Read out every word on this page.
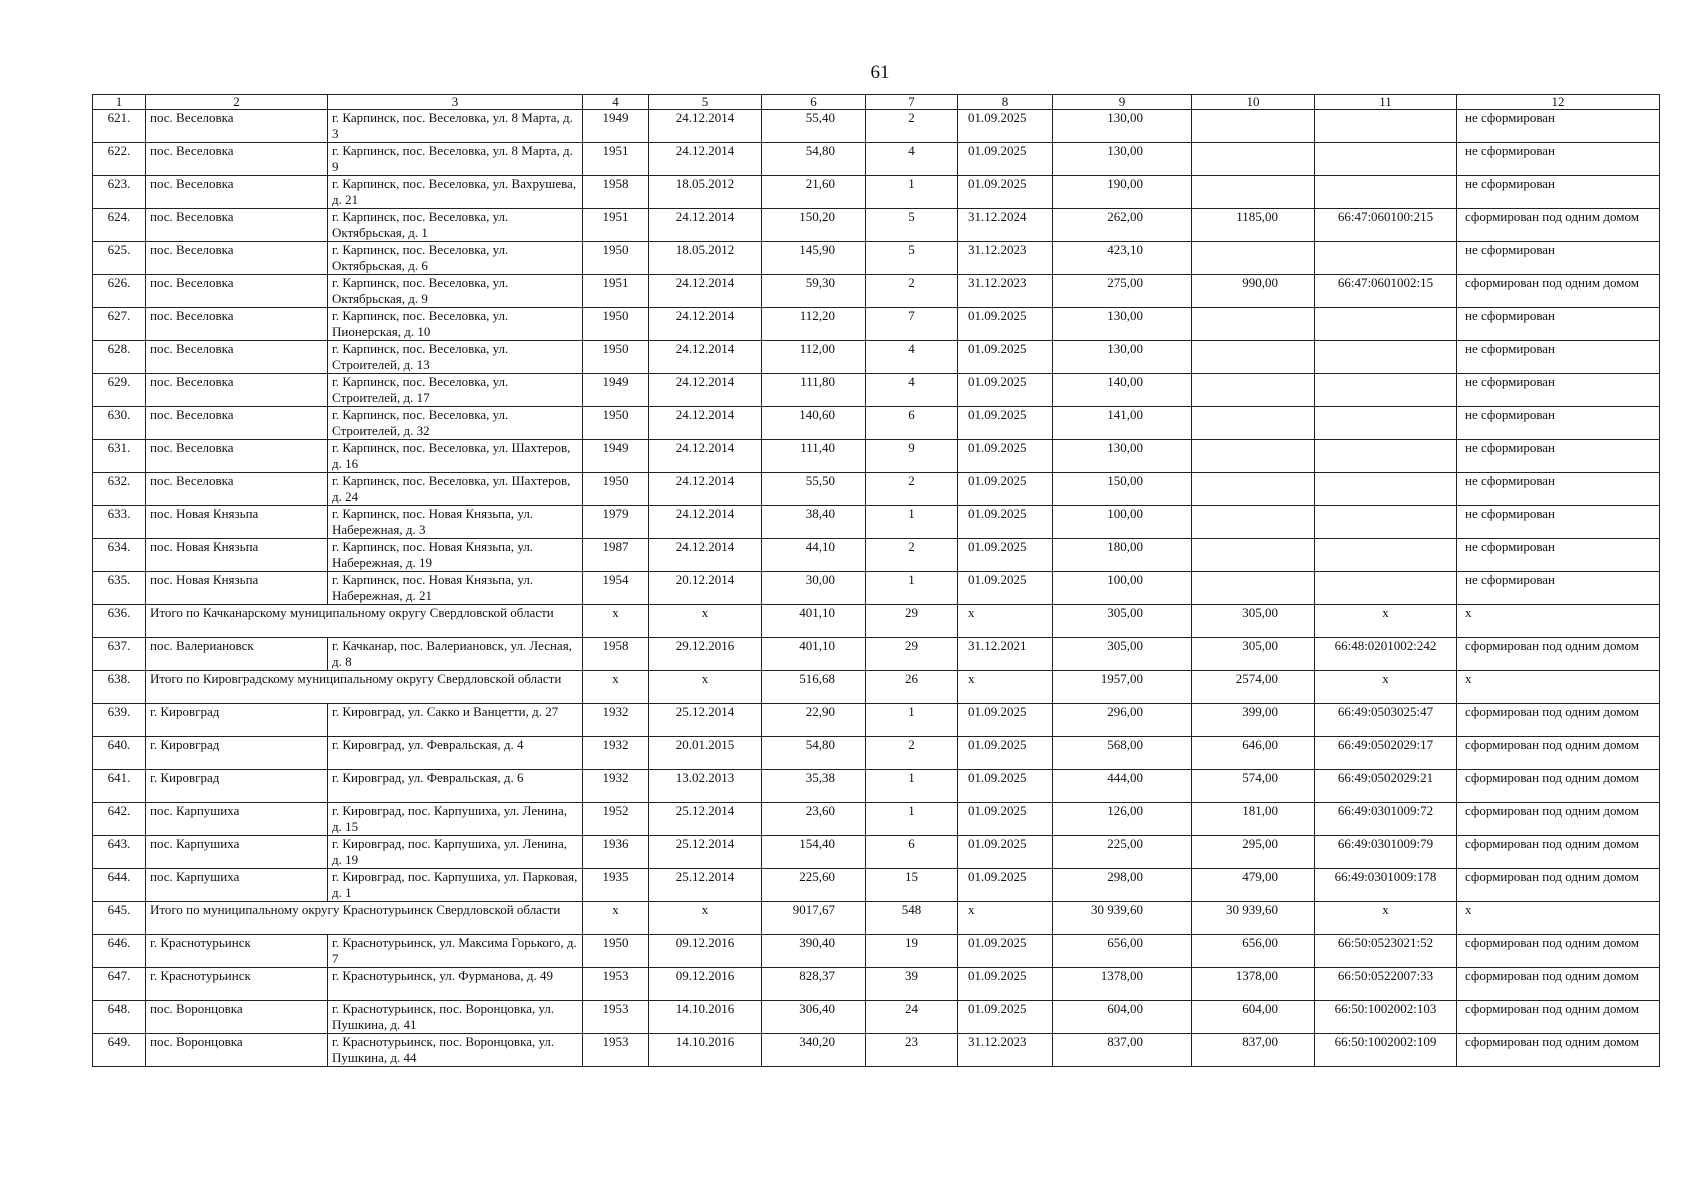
61
1	2	3	4	5	6	7	8	9	10	11	12
621.	пос. Веселовка	г. Карпинск, пос. Веселовка, ул. 8 Марта, д. 3	1949	24.12.2014	55,40	2	01.09.2025	130,00			не сформирован
622.	пос. Веселовка	г. Карпинск, пос. Веселовка, ул. 8 Марта, д. 9	1951	24.12.2014	54,80	4	01.09.2025	130,00			не сформирован
623.	пос. Веселовка	г. Карпинск, пос. Веселовка, ул. Вахрушева, д. 21	1958	18.05.2012	21,60	1	01.09.2025	190,00			не сформирован
624.	пос. Веселовка	г. Карпинск, пос. Веселовка, ул. Октябрьская, д. 1	1951	24.12.2014	150,20	5	31.12.2024	262,00	1185,00	66:47:060100:215	сформирован под одним домом
625.	пос. Веселовка	г. Карпинск, пос. Веселовка, ул. Октябрьская, д. 6	1950	18.05.2012	145,90	5	31.12.2023	423,10			не сформирован
626.	пос. Веселовка	г. Карпинск, пос. Веселовка, ул. Октябрьская, д. 9	1951	24.12.2014	59,30	2	31.12.2023	275,00	990,00	66:47:0601002:15	сформирован под одним домом
627.	пос. Веселовка	г. Карпинск, пос. Веселовка, ул. Пионерская, д. 10	1950	24.12.2014	112,20	7	01.09.2025	130,00			не сформирован
628.	пос. Веселовка	г. Карпинск, пос. Веселовка, ул. Строителей, д. 13	1950	24.12.2014	112,00	4	01.09.2025	130,00			не сформирован
629.	пос. Веселовка	г. Карпинск, пос. Веселовка, ул. Строителей, д. 17	1949	24.12.2014	111,80	4	01.09.2025	140,00			не сформирован
630.	пос. Веселовка	г. Карпинск, пос. Веселовка, ул. Строителей, д. 32	1950	24.12.2014	140,60	6	01.09.2025	141,00			не сформирован
631.	пос. Веселовка	г. Карпинск, пос. Веселовка, ул. Шахтеров, д. 16	1949	24.12.2014	111,40	9	01.09.2025	130,00			не сформирован
632.	пос. Веселовка	г. Карпинск, пос. Веселовка, ул. Шахтеров, д. 24	1950	24.12.2014	55,50	2	01.09.2025	150,00			не сформирован
633.	пос. Новая Князьпа	г. Карпинск, пос. Новая Князьпа, ул. Набережная, д. 3	1979	24.12.2014	38,40	1	01.09.2025	100,00			не сформирован
634.	пос. Новая Князьпа	г. Карпинск, пос. Новая Князьпа, ул. Набережная, д. 19	1987	24.12.2014	44,10	2	01.09.2025	180,00			не сформирован
635.	пос. Новая Князьпа	г. Карпинск, пос. Новая Князьпа, ул. Набережная, д. 21	1954	20.12.2014	30,00	1	01.09.2025	100,00			не сформирован
636.	Итого по Качканарскому муниципальному округу Свердловской области		x	x	401,10	29	x	305,00	305,00	x	x
637.	пос. Валериановск	г. Качканар, пос. Валериановск, ул. Лесная, д. 8	1958	29.12.2016	401,10	29	31.12.2021	305,00	305,00	66:48:0201002:242	сформирован под одним домом
638.	Итого по Кировградскому муниципальному округу Свердловской области		x	x	516,68	26	x	1957,00	2574,00	x	x
639.	г. Кировград	г. Кировград, ул. Сакко и Ванцетти, д. 27	1932	25.12.2014	22,90	1	01.09.2025	296,00	399,00	66:49:0503025:47	сформирован под одним домом
640.	г. Кировград	г. Кировград, ул. Февральская, д. 4	1932	20.01.2015	54,80	2	01.09.2025	568,00	646,00	66:49:0502029:17	сформирован под одним домом
641.	г. Кировград	г. Кировград, ул. Февральская, д. 6	1932	13.02.2013	35,38	1	01.09.2025	444,00	574,00	66:49:0502029:21	сформирован под одним домом
642.	пос. Карпушиха	г. Кировград, пос. Карпушиха, ул. Ленина, д. 15	1952	25.12.2014	23,60	1	01.09.2025	126,00	181,00	66:49:0301009:72	сформирован под одним домом
643.	пос. Карпушиха	г. Кировград, пос. Карпушиха, ул. Ленина, д. 19	1936	25.12.2014	154,40	6	01.09.2025	225,00	295,00	66:49:0301009:79	сформирован под одним домом
644.	пос. Карпушиха	г. Кировград, пос. Карпушиха, ул. Парковая, д. 1	1935	25.12.2014	225,60	15	01.09.2025	298,00	479,00	66:49:0301009:178	сформирован под одним домом
645.	Итого по муниципальному округу Краснотурьинск Свердловской области		x	x	9017,67	548	x	30 939,60	30 939,60	x	x
646.	г. Краснотурьинск	г. Краснотурьинск, ул. Максима Горького, д. 7	1950	09.12.2016	390,40	19	01.09.2025	656,00	656,00	66:50:0523021:52	сформирован под одним домом
647.	г. Краснотурьинск	г. Краснотурьинск, ул. Фурманова, д. 49	1953	09.12.2016	828,37	39	01.09.2025	1378,00	1378,00	66:50:0522007:33	сформирован под одним домом
648.	пос. Воронцовка	г. Краснотурьинск, пос. Воронцовка, ул. Пушкина, д. 41	1953	14.10.2016	306,40	24	01.09.2025	604,00	604,00	66:50:1002002:103	сформирован под одним домом
649.	пос. Воронцовка	г. Краснотурьинск, пос. Воронцовка, ул. Пушкина, д. 44	1953	14.10.2016	340,20	23	31.12.2023	837,00	837,00	66:50:1002002:109	сформирован под одним домом
